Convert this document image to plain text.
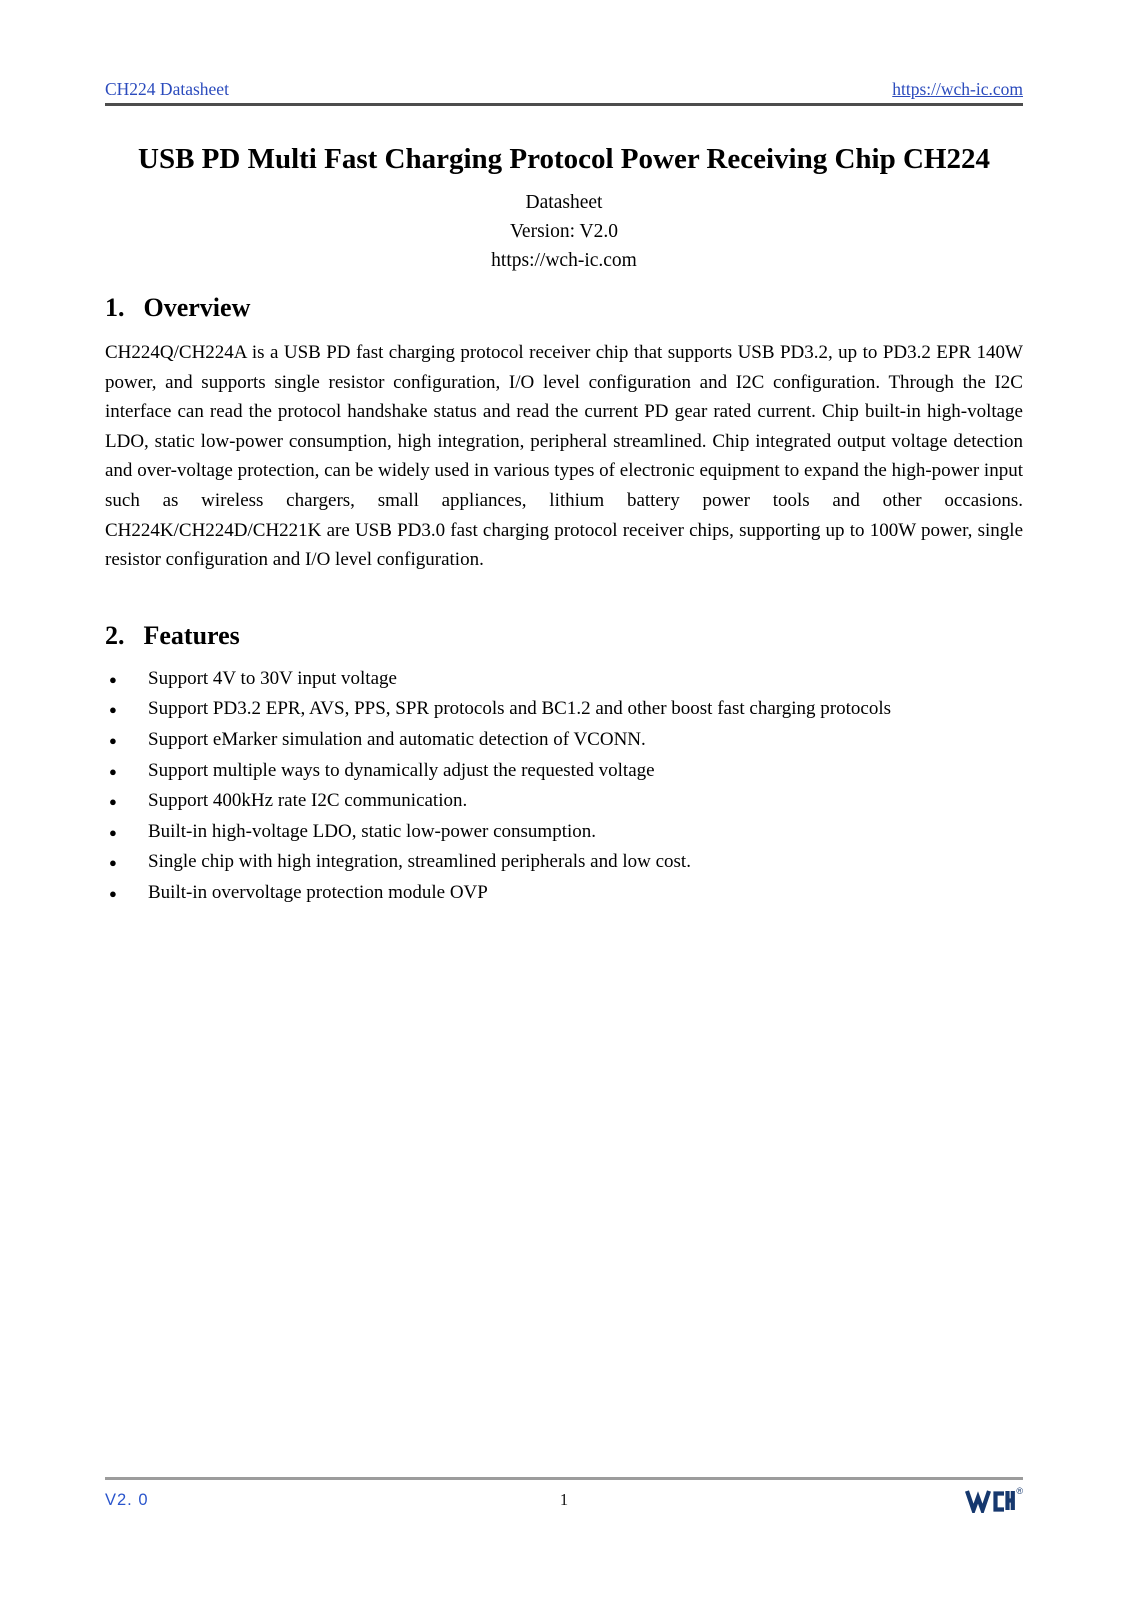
CH224 Datasheet	https://wch-ic.com
USB PD Multi Fast Charging Protocol Power Receiving Chip CH224
Datasheet
Version: V2.0
https://wch-ic.com
1. Overview

CH224Q/CH224A is a USB PD fast charging protocol receiver chip that supports USB PD3.2, up to PD3.2 EPR 140W power, and supports single resistor configuration, I/O level configuration and I2C configuration. Through the I2C interface can read the protocol handshake status and read the current PD gear rated current. Chip built-in high-voltage LDO, static low-power consumption, high integration, peripheral streamlined. Chip integrated output voltage detection and over-voltage protection, can be widely used in various types of electronic equipment to expand the high-power input such as wireless chargers, small appliances, lithium battery power tools and other occasions. CH224K/CH224D/CH221K are USB PD3.0 fast charging protocol receiver chips, supporting up to 100W power, single resistor configuration and I/O level configuration.

2. Features
●	Support 4V to 30V input voltage
●	Support PD3.2 EPR, AVS, PPS, SPR protocols and BC1.2 and other boost fast charging protocols
●	Support eMarker simulation and automatic detection of VCONN.
●	Support multiple ways to dynamically adjust the requested voltage
●	Support 400kHz rate I2C communication.
●	Built-in high-voltage LDO, static low-power consumption.
●	Single chip with high integration, streamlined peripherals and low cost.
●	Built-in overvoltage protection module OVP
V2. 0	1	®
